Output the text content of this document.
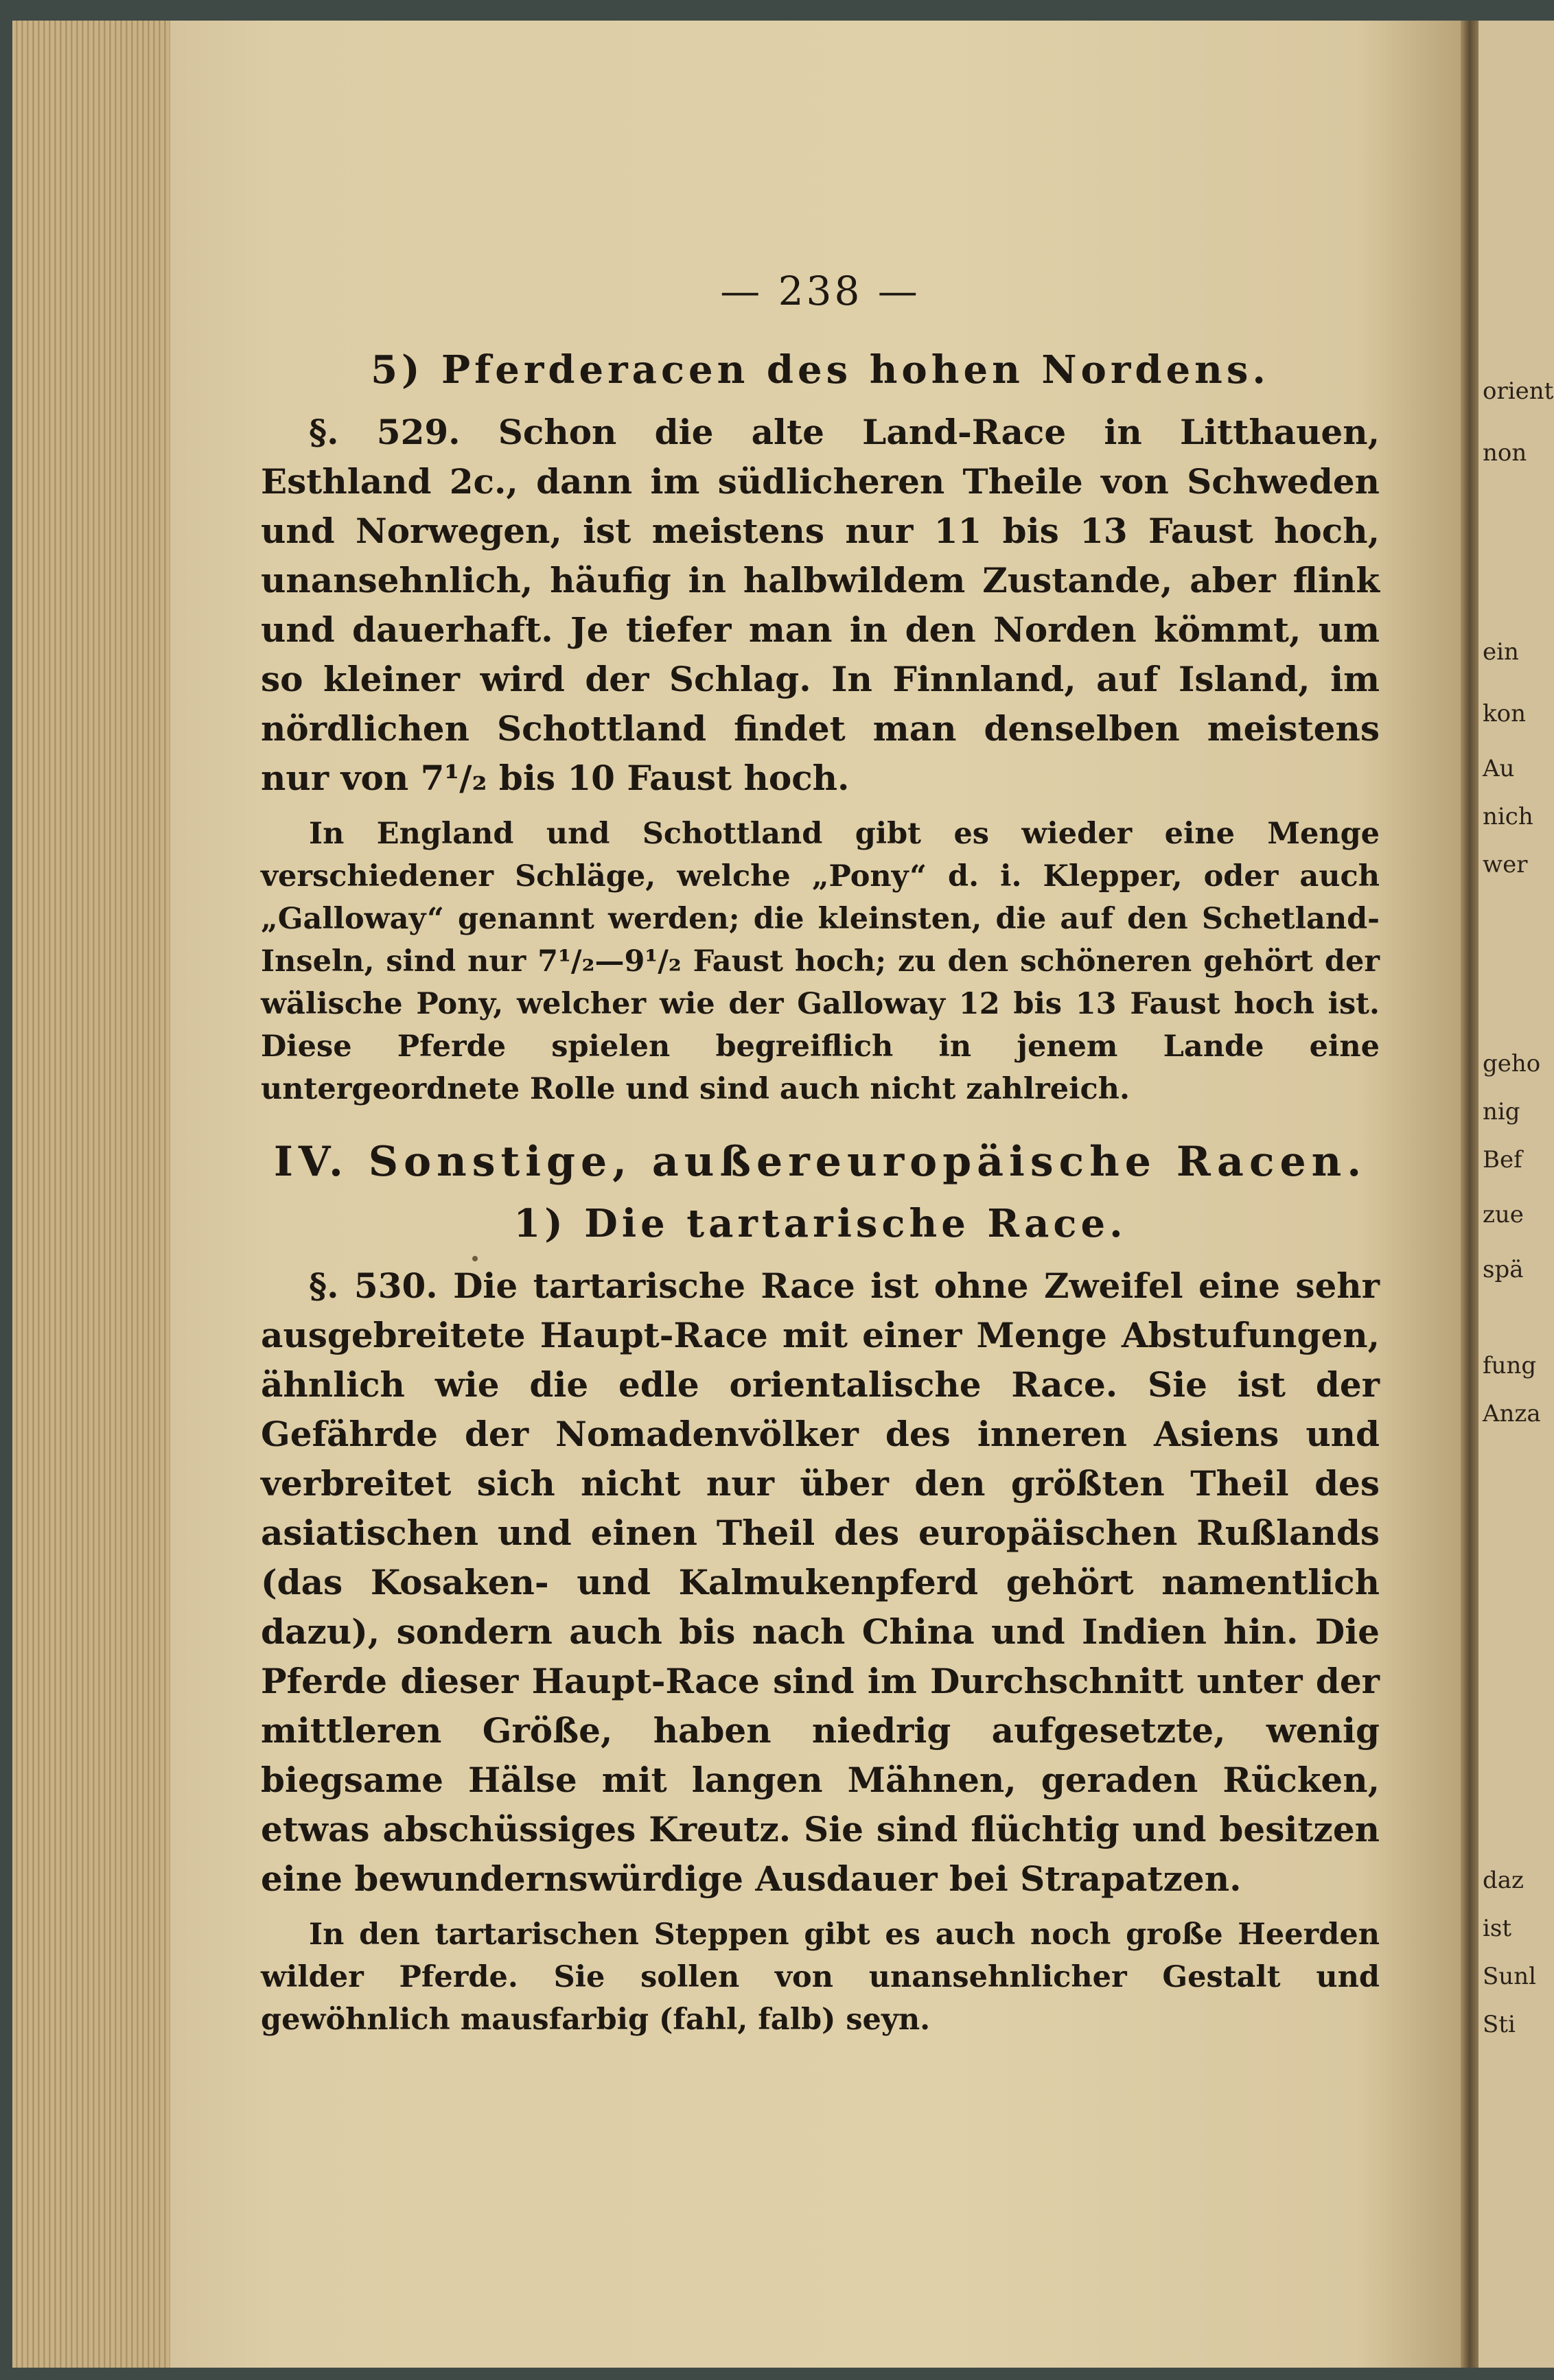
orient
non
ein
kon
Au
nich
wer
geho
nig
Bef
zue
spä
fung
Anza
daz
ist
Sunl
Sti
— 238 —
5) Pferderacen des hohen Nordens.

§. 529. Schon die alte Land-Race in Litthauen, Esthland 2c., dann im südlicheren Theile von Schweden und Norwegen, ist meistens nur 11 bis 13 Faust hoch, unansehnlich, häufig in halbwildem Zustande, aber flink und dauerhaft. Je tiefer man in den Norden kömmt, um so kleiner wird der Schlag. In Finnland, auf Island, im nördlichen Schottland findet man denselben meistens nur von 7¹/₂ bis 10 Faust hoch.

In England und Schottland gibt es wieder eine Menge verschiedener Schläge, welche „Pony“ d. i. Klepper, oder auch „Galloway“ genannt werden; die kleinsten, die auf den Schetland-Inseln, sind nur 7¹/₂—9¹/₂ Faust hoch; zu den schöneren gehört der wälische Pony, welcher wie der Galloway 12 bis 13 Faust hoch ist. Diese Pferde spielen begreiflich in jenem Lande eine untergeordnete Rolle und sind auch nicht zahlreich.

IV. Sonstige, außereuropäische Racen.
1) Die tartarische Race.

§. 530. Die tartarische Race ist ohne Zweifel eine sehr ausgebreitete Haupt-Race mit einer Menge Abstufungen, ähnlich wie die edle orientalische Race. Sie ist der Gefährde der Nomadenvölker des inneren Asiens und verbreitet sich nicht nur über den größten Theil des asiatischen und einen Theil des europäischen Rußlands (das Kosaken- und Kalmukenpferd gehört namentlich dazu), sondern auch bis nach China und Indien hin. Die Pferde dieser Haupt-Race sind im Durchschnitt unter der mittleren Größe, haben niedrig aufgesetzte, wenig biegsame Hälse mit langen Mähnen, geraden Rücken, etwas abschüssiges Kreutz. Sie sind flüchtig und besitzen eine bewundernswürdige Ausdauer bei Strapatzen.

In den tartarischen Steppen gibt es auch noch große Heerden wilder Pferde. Sie sollen von unansehnlicher Gestalt und gewöhnlich mausfarbig (fahl, falb) seyn.
